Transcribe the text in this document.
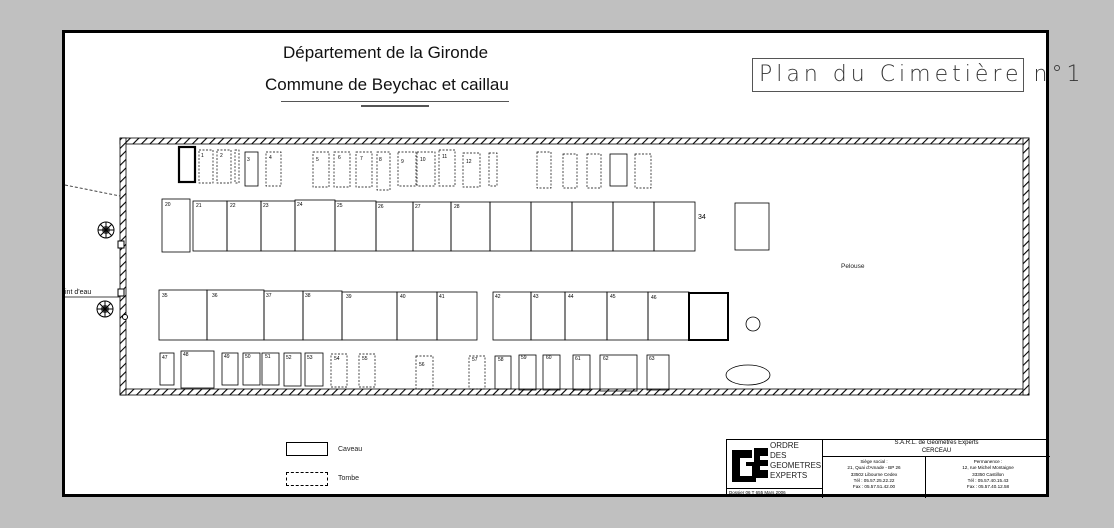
Département de la Gironde
Commune de Beychac et caillau	Plan du Cimetière n°1
int d'eau
Pelouse
1	2
3	4	5	6	7	8	9	10	11
12
20	21	22	23	24	25	26	27	28
34
35	36	37	38	39	40	41	42	43	44	45	46
47	48	49	50	51	52	53	54	55
56
57	58	59	60	61	62	63
Caveau
Tombe
ORDRE
DES
GEOMETRES
EXPERTS
Dossier 06 T 655 Mars 2006
S.A.R.L. de Géomètres Experts
CERCEAU
Siège social :
21, Quai d'Amade - BP 26
33502 Libourne Cedex
Tél : 05.57.25.22.22
Fax : 05.57.51.42.00
Permanence :
12, rue Michel Montaigne
33350 Castillon
Tél : 05.57.40.15.43
Fax : 05.57.40.12.58
